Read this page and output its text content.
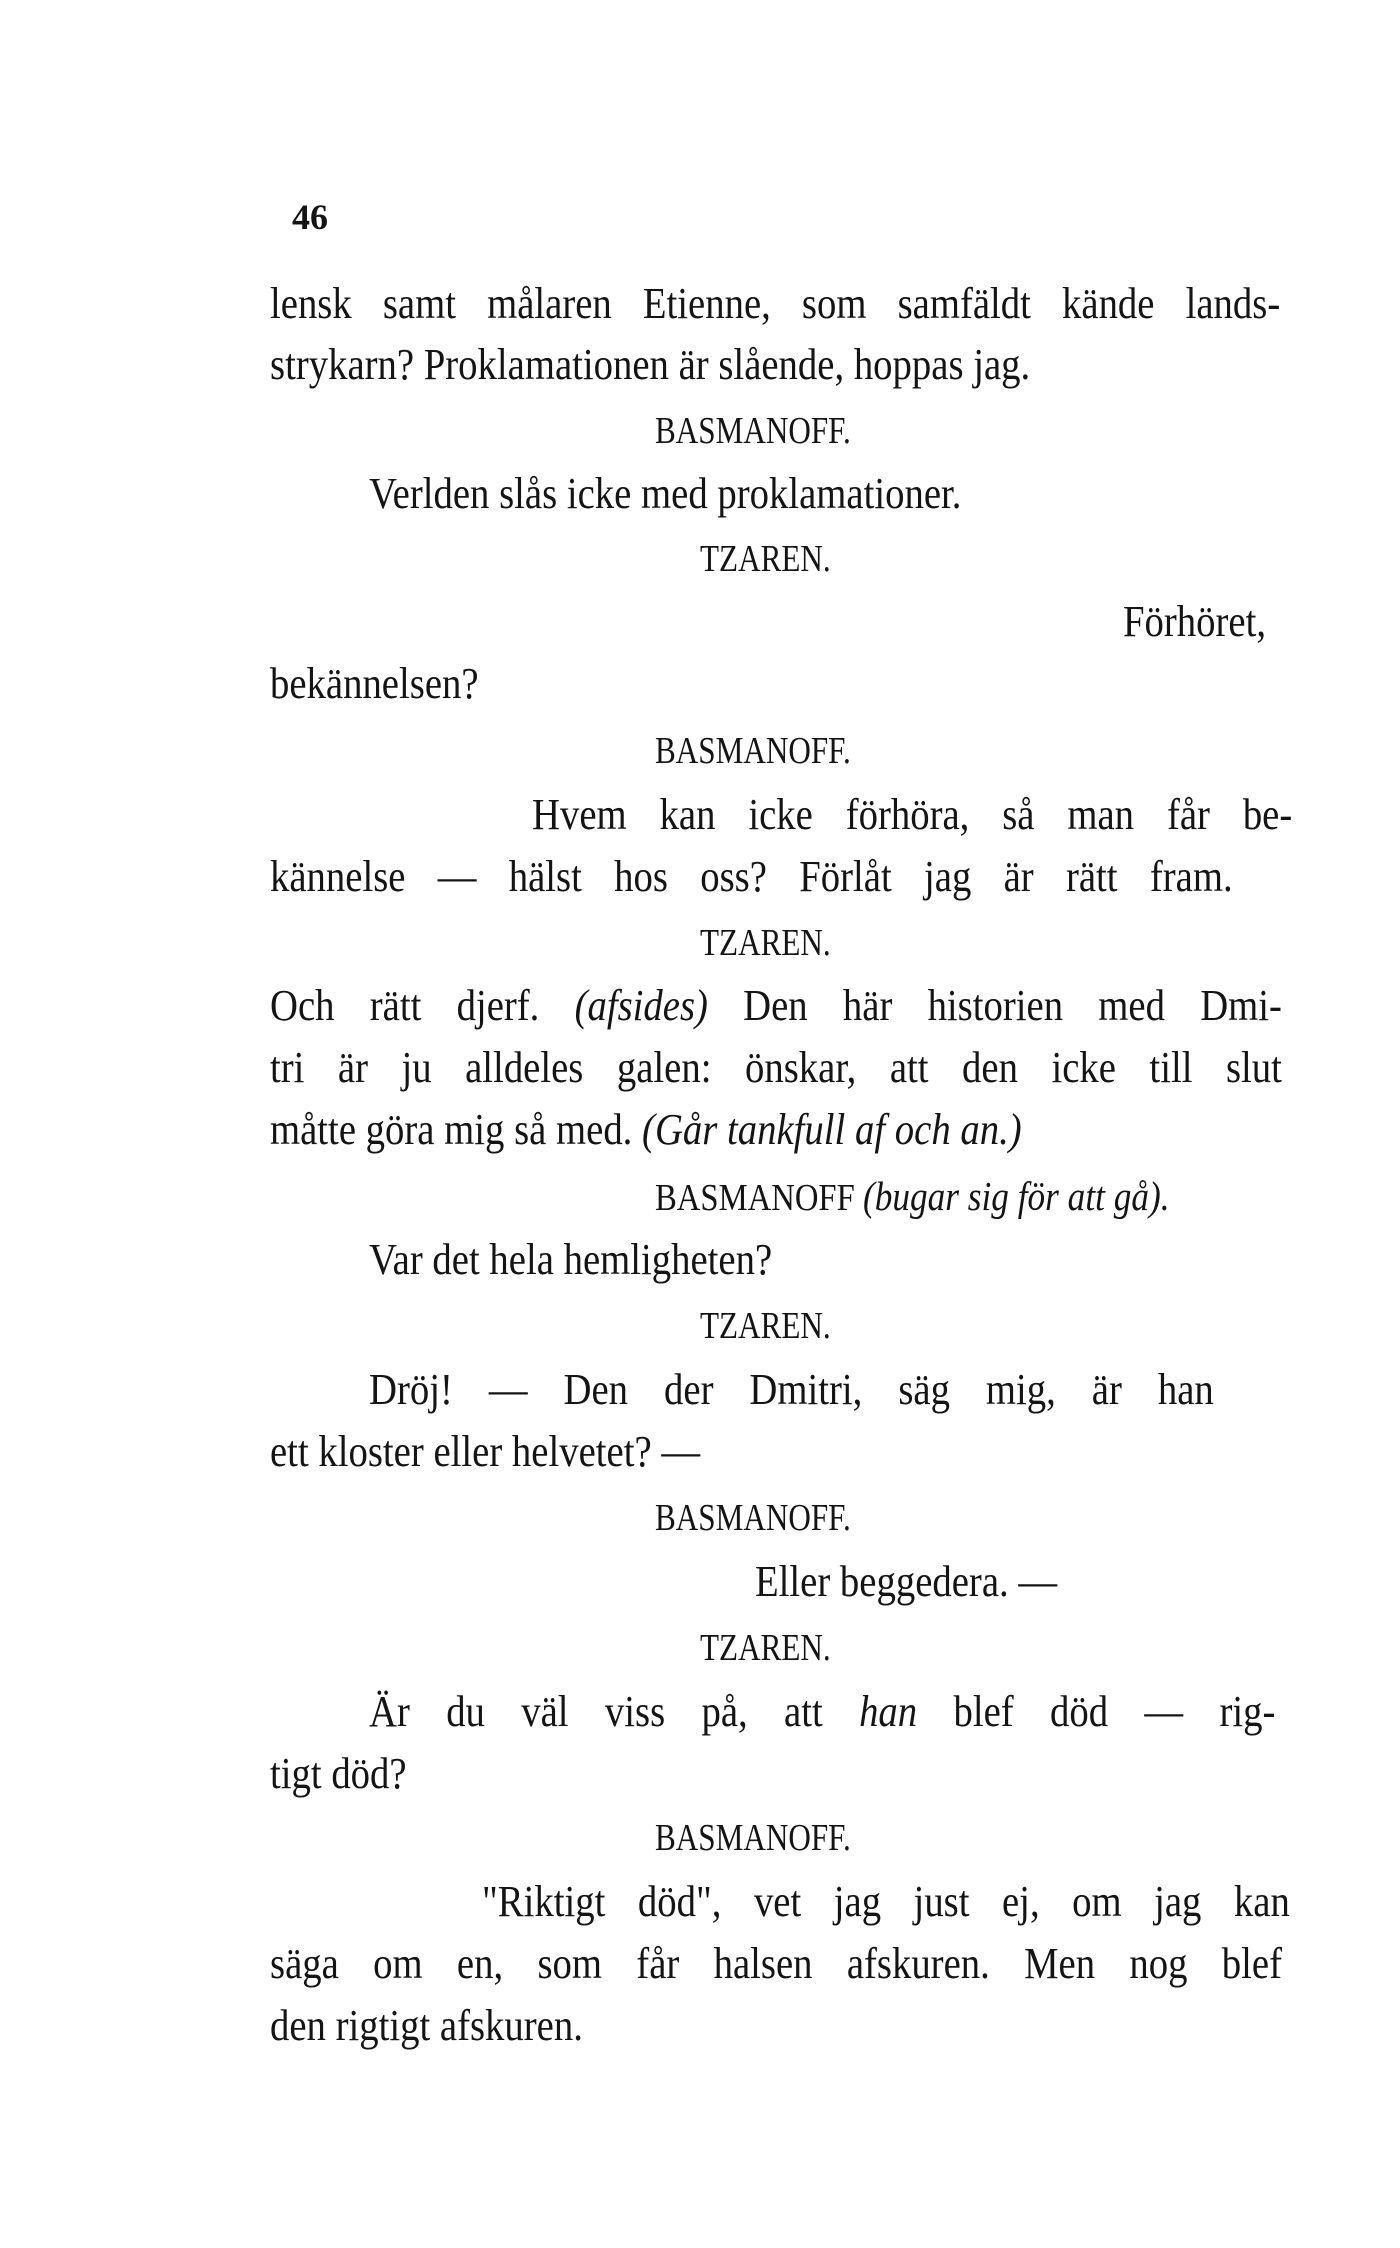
46
lensk samt målaren Etienne, som samfäldt kände lands-
strykarn? Proklamationen är slående, hoppas jag.
BASMANOFF.
Verlden slås icke med proklamationer.
TZAREN.
Förhöret,
bekännelsen?
BASMANOFF.
Hvem kan icke förhöra, så man får be-
kännelse — hälst hos oss? Förlåt jag är rätt fram.
TZAREN.
Och rätt djerf. (afsides) Den här historien med Dmi-
tri är ju alldeles galen: önskar, att den icke till slut
måtte göra mig så med. (Går tankfull af och an.)
BASMANOFF (bugar sig för att gå).
Var det hela hemligheten?
TZAREN.
Dröj! — Den der Dmitri, säg mig, är han
ett kloster eller helvetet? —
BASMANOFF.
Eller beggedera. —
TZAREN.
Är du väl viss på, att han blef död — rig-
tigt död?
BASMANOFF.
"Riktigt död", vet jag just ej, om jag kan
säga om en, som får halsen afskuren. Men nog blef
den rigtigt afskuren.
